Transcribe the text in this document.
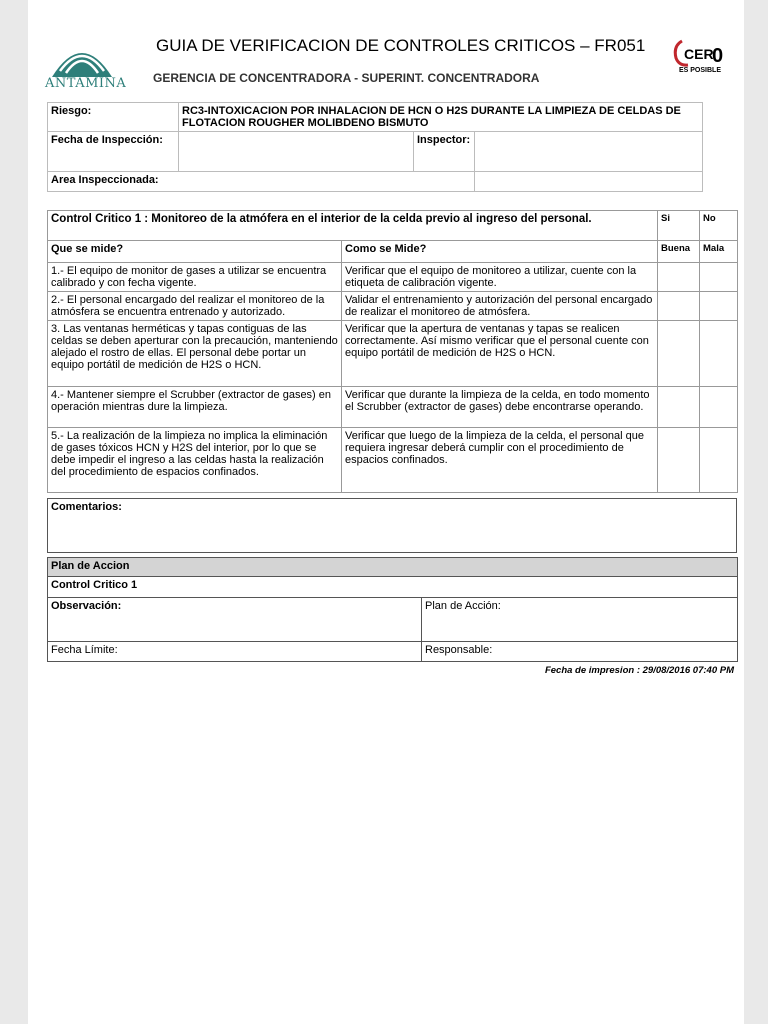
ANTAMINA
GUIA DE VERIFICACION DE CONTROLES CRITICOS – FR051
GERENCIA DE CONCENTRADORA - SUPERINT. CONCENTRADORA
CER
0
ES POSIBLE
Riesgo:	RC3-INTOXICACION POR INHALACION DE HCN O H2S DURANTE LA LIMPIEZA DE CELDAS DE FLOTACION ROUGHER MOLIBDENO BISMUTO		
Fecha de Inspección:		Inspector:	
Area Inspeccionada:			
Control Critico 1 : Monitoreo de la atmófera en el interior de la celda previo al ingreso del personal.		Si	No
Que se mide?	Como se Mide?	Buena	Mala
1.- El equipo de monitor de gases a utilizar se encuentra calibrado y con fecha vigente.	Verificar que el equipo de monitoreo a utilizar, cuente con la etiqueta de calibración vigente.		
2.- El personal encargado del realizar el monitoreo de la atmósfera se encuentra entrenado y autorizado.	Validar el entrenamiento y autorización del personal encargado de realizar el monitoreo de atmósfera.		
3. Las ventanas herméticas y tapas contiguas de las celdas se deben aperturar con la precaución, manteniendo alejado el rostro de ellas. El personal debe portar un equipo portátil de medición de H2S o HCN.	Verificar que la apertura de ventanas y tapas se realicen correctamente. Así mismo verificar que el personal cuente con equipo portátil de medición de H2S o HCN.		
4.- Mantener siempre el Scrubber (extractor de gases) en operación mientras dure la limpieza.	Verificar que durante la limpieza de la celda, en todo momento el Scrubber (extractor de gases) debe encontrarse operando.		
5.- La realización de la limpieza no implica la eliminación de gases tóxicos HCN y H2S del interior, por lo que se debe impedir el ingreso a las celdas hasta la realización del procedimiento de espacios confinados.	Verificar que luego de la limpieza de la celda, el personal que requiera ingresar deberá cumplir con el procedimiento de espacios confinados.		
Comentarios:
Plan de Accion	
Control Critico 1	
Observación:	Plan de Acción:
Fecha Límite:	Responsable:
Fecha de impresion : 29/08/2016 07:40 PM
